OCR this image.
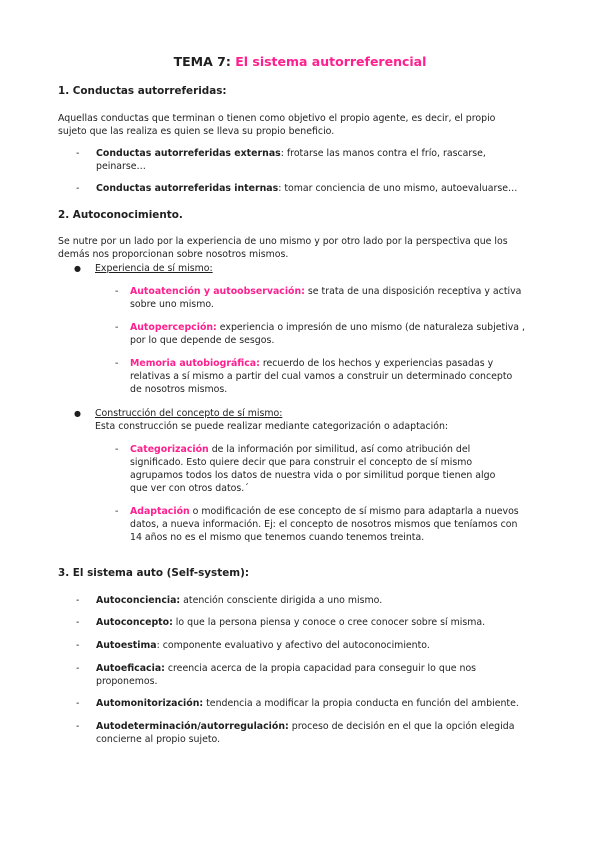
TEMA 7: El sistema autorreferencial
1. Conductas autorreferidas:
Aquellas conductas que terminan o tienen como objetivo el propio agente, es decir, el propio
sujeto que las realiza es quien se lleva su propio beneficio.
- Conductas autorreferidas externas: frotarse las manos contra el frío, rascarse,
peinarse…
- Conductas autorreferidas internas: tomar conciencia de uno mismo, autoevaluarse…
2. Autoconocimiento.
Se nutre por un lado por la experiencia de uno mismo y por otro lado por la perspectiva que los
demás nos proporcionan sobre nosotros mismos.
● Experiencia de sí mismo:
- Autoatención y autoobservación: se trata de una disposición receptiva y activa
sobre uno mismo.
- Autopercepción: experiencia o impresión de uno mismo (de naturaleza subjetiva ,
por lo que depende de sesgos.
- Memoria autobiográfica: recuerdo de los hechos y experiencias pasadas y
relativas a sí mismo a partir del cual vamos a construir un determinado concepto
de nosotros mismos.
● Construcción del concepto de sí mismo:
Esta construcción se puede realizar mediante categorización o adaptación:
- Categorización de la información por similitud, así como atribución del
significado. Esto quiere decir que para construir el concepto de sí mismo
agrupamos todos los datos de nuestra vida o por similitud porque tienen algo
que ver con otros datos.´
- Adaptación o modificación de ese concepto de sí mismo para adaptarla a nuevos
datos, a nueva información. Ej: el concepto de nosotros mismos que teníamos con
14 años no es el mismo que tenemos cuando tenemos treinta.
3. El sistema auto (Self-system):
- Autoconciencia: atención consciente dirigida a uno mismo.
- Autoconcepto: lo que la persona piensa y conoce o cree conocer sobre sí misma.
- Autoestima: componente evaluativo y afectivo del autoconocimiento.
- Autoeficacia: creencia acerca de la propia capacidad para conseguir lo que nos
proponemos.
- Automonitorización: tendencia a modificar la propia conducta en función del ambiente.
- Autodeterminación/autorregulación: proceso de decisión en el que la opción elegida
concierne al propio sujeto.
